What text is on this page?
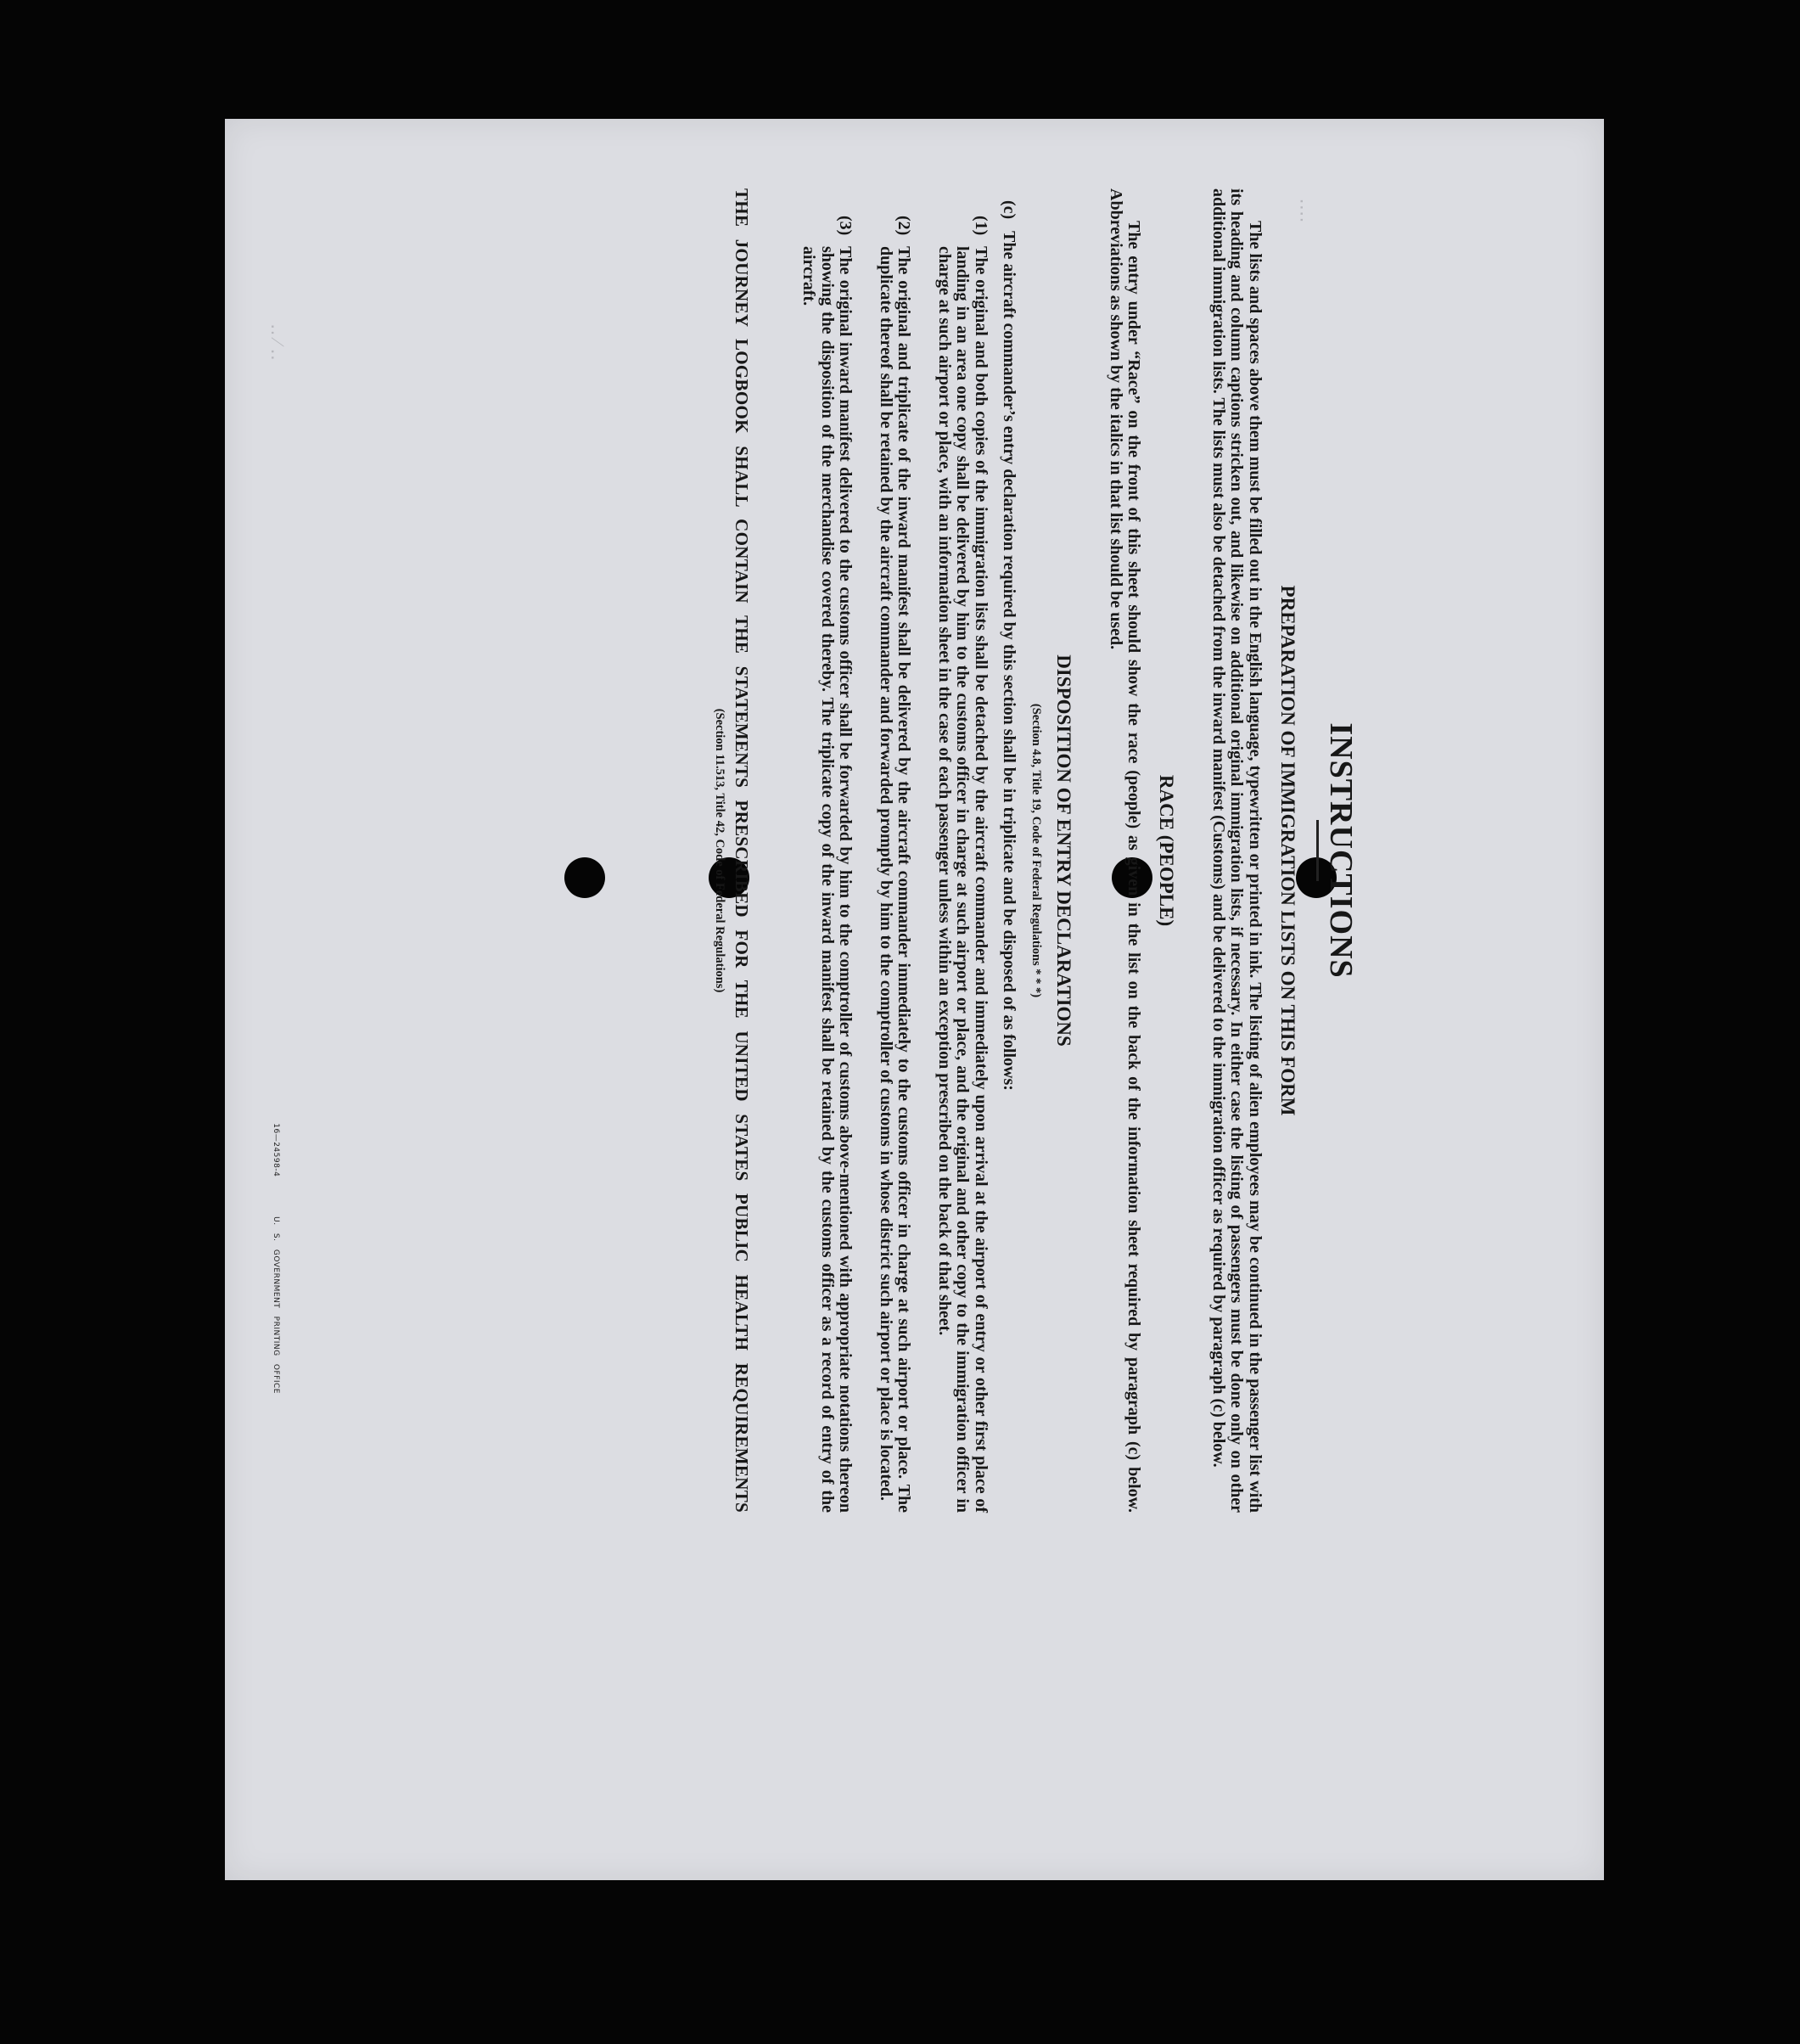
‥ ⁄ ‥
‥‥
INSTRUCTIONS
PREPARATION OF IMMIGRATION LISTS ON THIS FORM

The lists and spaces above them must be filled out in the English language, typewritten or printed in ink. The listing of alien employees may be continued in the passenger list with its heading and column captions stricken out, and likewise on additional original immigration lists, if necessary. In either case the listing of passengers must be done only on other additional immigration lists. The lists must also be detached from the inward manifest (Customs) and be delivered to the immigration officer as required by paragraph (c) below.

RACE (PEOPLE)

The entry under “Race” on the front of this sheet should show the race (people) as given in the list on the back of the information sheet required by paragraph (c) below. Abbreviations as shown by the italics in that list should be used.

DISPOSITION OF ENTRY DECLARATIONS

(Section 4.8, Title 19, Code of Federal Regulations * * *)

(c)
The aircraft commander’s entry declaration required by this section shall be in triplicate and be disposed of as follows:
(1)
The original and both copies of the immigration lists shall be detached by the aircraft commander and immediately upon arrival at the airport of entry or other first place of landing in an area one copy shall be delivered by him to the customs officer in charge at such airport or place, and the original and other copy to the immigration officer in charge at such airport or place, with an information sheet in the case of each passenger unless within an exception prescribed on the back of that sheet.
(2)
The original and triplicate of the inward manifest shall be delivered by the aircraft commander immediately to the customs officer in charge at such airport or place. The duplicate thereof shall be retained by the aircraft commander and forwarded promptly by him to the comptroller of customs in whose district such airport or place is located.
(3)
The original inward manifest delivered to the customs officer shall be forwarded by him to the comptroller of customs above-mentioned with appropriate notations thereon showing the disposition of the merchandise covered thereby. The triplicate copy of the inward manifest shall be retained by the customs officer as a record of entry of the aircraft.

THE JOURNEY LOGBOOK SHALL CONTAIN THE STATEMENTS PRESCRIBED FOR THE UNITED STATES PUBLIC HEALTH REQUIREMENTS

(Section 11.513, Title 42, Code of Federal Regulations)

16—24598-4     U. S. GOVERNMENT PRINTING OFFICE
